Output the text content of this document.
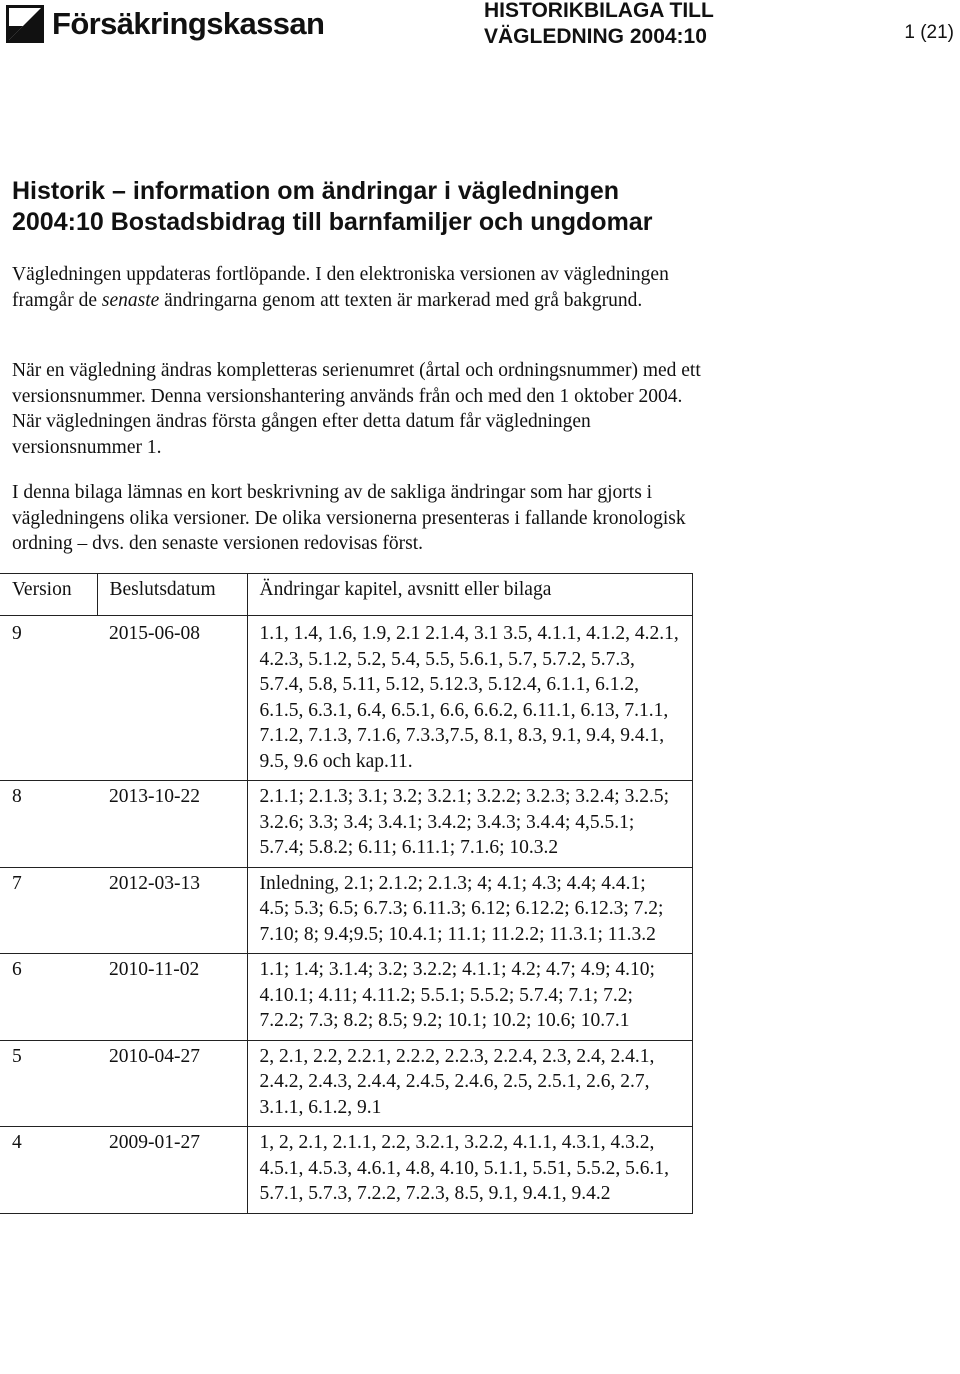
Försäkringskassan	HISTORIKBILAGA TILL
VÄGLEDNING 2004:10	1 (21)
Historik – information om ändringar i vägledningen
2004:10 Bostadsbidrag till barnfamiljer och ungdomar

Vägledningen uppdateras fortlöpande. I den elektroniska versionen av vägledningen framgår de senaste ändringarna genom att texten är markerad med grå bakgrund.

När en vägledning ändras kompletteras serienumret (årtal och ordningsnummer) med ett versionsnummer. Denna versionshantering används från och med den 1 oktober 2004. När vägledningen ändras första gången efter detta datum får vägledningen versionsnummer 1.

I denna bilaga lämnas en kort beskrivning av de sakliga ändringar som har gjorts i vägledningens olika versioner. De olika versionerna presenteras i fallande kronologisk ordning – dvs. den senaste versionen redovisas först.

Version	Beslutsdatum	Ändringar kapitel, avsnitt eller bilaga
9	2015-06-08	1.1, 1.4, 1.6, 1.9, 2.1 2.1.4, 3.1 3.5, 4.1.1, 4.1.2, 4.2.1, 4.2.3, 5.1.2, 5.2, 5.4, 5.5, 5.6.1, 5.7, 5.7.2, 5.7.3, 5.7.4, 5.8, 5.11, 5.12, 5.12.3, 5.12.4, 6.1.1, 6.1.2, 6.1.5, 6.3.1, 6.4, 6.5.1, 6.6, 6.6.2, 6.11.1, 6.13, 7.1.1, 7.1.2, 7.1.3, 7.1.6, 7.3.3,7.5, 8.1, 8.3, 9.1, 9.4, 9.4.1, 9.5, 9.6 och kap.11.
8	2013-10-22	2.1.1; 2.1.3; 3.1; 3.2; 3.2.1; 3.2.2; 3.2.3; 3.2.4; 3.2.5; 3.2.6; 3.3; 3.4; 3.4.1; 3.4.2; 3.4.3; 3.4.4; 4,5.5.1; 5.7.4; 5.8.2; 6.11; 6.11.1; 7.1.6; 10.3.2
7	2012-03-13	Inledning, 2.1; 2.1.2; 2.1.3; 4; 4.1; 4.3; 4.4; 4.4.1; 4.5; 5.3; 6.5; 6.7.3; 6.11.3; 6.12; 6.12.2; 6.12.3; 7.2; 7.10; 8; 9.4;9.5; 10.4.1; 11.1; 11.2.2; 11.3.1; 11.3.2
6	2010-11-02	1.1; 1.4; 3.1.4; 3.2; 3.2.2; 4.1.1; 4.2; 4.7; 4.9; 4.10; 4.10.1; 4.11; 4.11.2; 5.5.1; 5.5.2; 5.7.4; 7.1; 7.2; 7.2.2; 7.3; 8.2; 8.5; 9.2; 10.1; 10.2; 10.6; 10.7.1
5	2010-04-27	2, 2.1, 2.2, 2.2.1, 2.2.2, 2.2.3, 2.2.4, 2.3, 2.4, 2.4.1, 2.4.2, 2.4.3, 2.4.4, 2.4.5, 2.4.6, 2.5, 2.5.1, 2.6, 2.7, 3.1.1, 6.1.2, 9.1
4	2009-01-27	1, 2, 2.1, 2.1.1, 2.2, 3.2.1, 3.2.2, 4.1.1, 4.3.1, 4.3.2, 4.5.1, 4.5.3, 4.6.1, 4.8, 4.10, 5.1.1, 5.51, 5.5.2, 5.6.1, 5.7.1, 5.7.3, 7.2.2, 7.2.3, 8.5, 9.1, 9.4.1, 9.4.2
